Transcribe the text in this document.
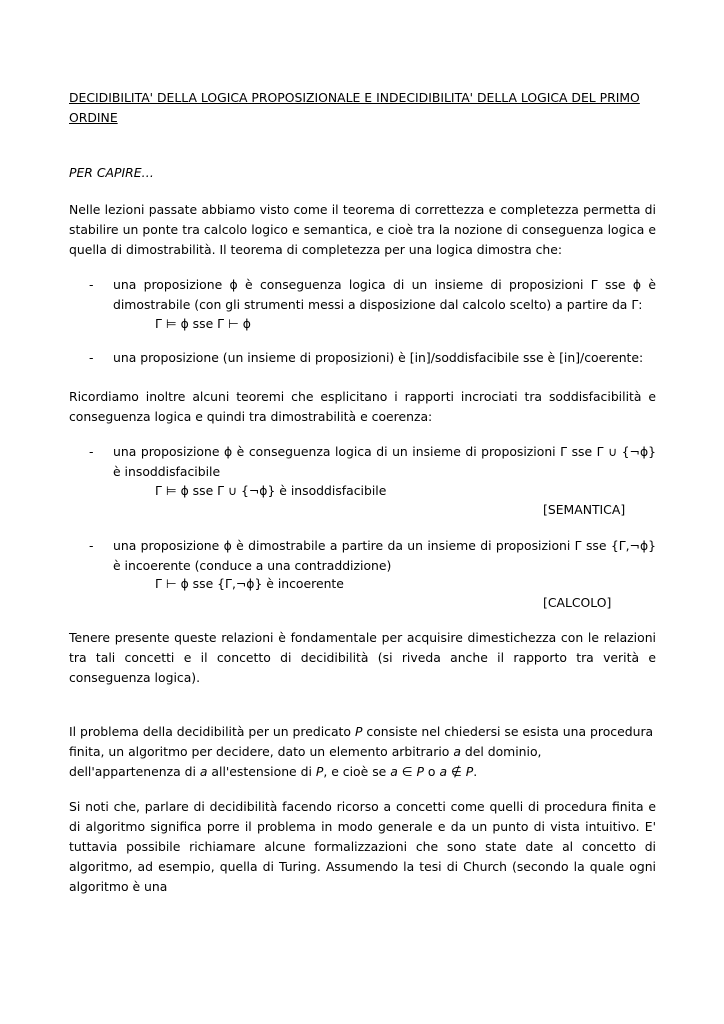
DECIDIBILITA' DELLA LOGICA PROPOSIZIONALE E INDECIDIBILITA' DELLA LOGICA DEL PRIMO ORDINE
PER CAPIRE…
Nelle lezioni passate abbiamo visto come il teorema di correttezza e completezza permetta di stabilire un ponte tra calcolo logico e semantica, e cioè tra la nozione di conseguenza logica e quella di dimostrabilità. Il teorema di completezza per una logica dimostra che:
- una proposizione ϕ è conseguenza logica di un insieme di proposizioni Γ sse ϕ è dimostrabile (con gli strumenti messi a disposizione dal calcolo scelto) a partire da Γ:
Γ ⊨ ϕ sse Γ ⊢ ϕ
- una proposizione (un insieme di proposizioni) è [in]/soddisfacibile sse è [in]/coerente:
Ricordiamo inoltre alcuni teoremi che esplicitano i rapporti incrociati tra soddisfacibilità e conseguenza logica e quindi tra dimostrabilità e coerenza:
- una proposizione ϕ è conseguenza logica di un insieme di proposizioni Γ sse Γ ∪ {¬ϕ} è insoddisfacibile
Γ ⊨ ϕ sse Γ ∪ {¬ϕ} è insoddisfacibile
[SEMANTICA]
- una proposizione ϕ è dimostrabile a partire da un insieme di proposizioni Γ sse {Γ,¬ϕ} è incoerente (conduce a una contraddizione)
Γ ⊢ ϕ sse {Γ,¬ϕ} è incoerente
[CALCOLO]
Tenere presente queste relazioni è fondamentale per acquisire dimestichezza con le relazioni tra tali concetti e il concetto di decidibilità (si riveda anche il rapporto tra verità e conseguenza logica).
Il problema della decidibilità per un predicato P consiste nel chiedersi se esista una procedura finita, un algoritmo per decidere, dato un elemento arbitrario a del dominio, dell'appartenenza di a all'estensione di P, e cioè se a ∈ P o a ∉ P.
Si noti che, parlare di decidibilità facendo ricorso a concetti come quelli di procedura finita e di algoritmo significa porre il problema in modo generale e da un punto di vista intuitivo. E' tuttavia possibile richiamare alcune formalizzazioni che sono state date al concetto di algoritmo, ad esempio, quella di Turing. Assumendo la tesi di Church (secondo la quale ogni algoritmo è una
